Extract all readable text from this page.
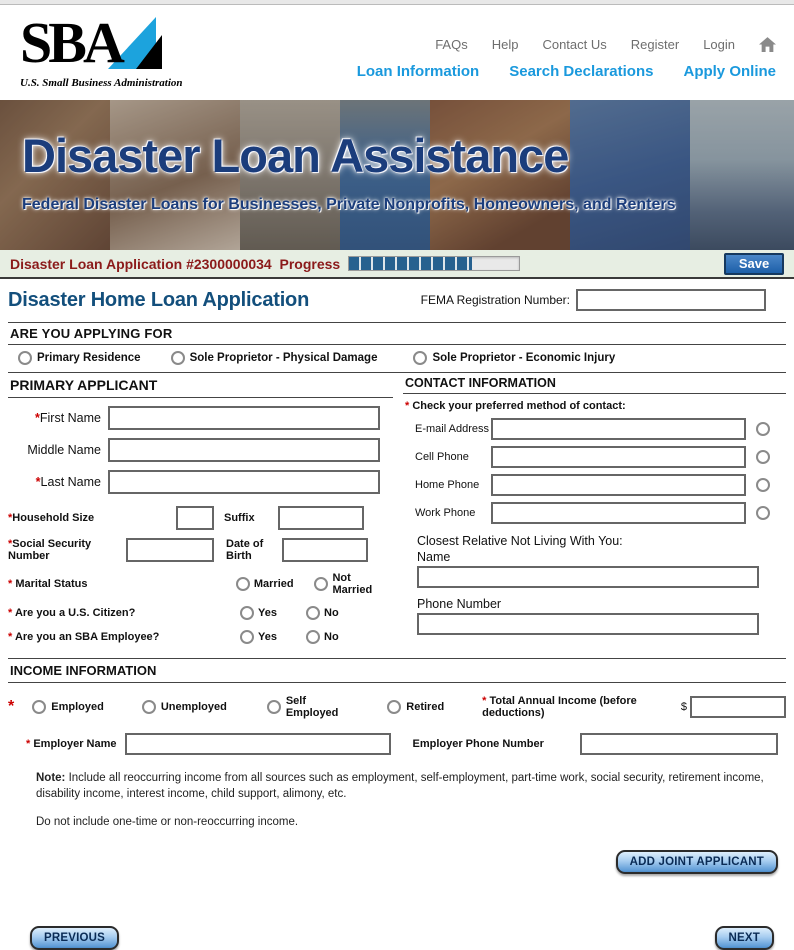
SBA
U.S. Small Business Administration
FAQs Help Contact Us Register Login
Loan Information Search Declarations Apply Online
Disaster Loan Assistance
Federal Disaster Loans for Businesses, Private Nonprofits, Homeowners, and Renters
Disaster Loan Application #2300000034  Progress	Save
Disaster Home Loan Application	FEMA Registration Number:
ARE YOU APPLYING FOR
Primary Residence	Sole Proprietor - Physical Damage	Sole Proprietor - Economic Injury
PRIMARY APPLICANT
*First Name
Middle Name
*Last Name
*Household Size	Suffix
*Social Security Number
Date of Birth
* Marital Status	Married	Not Married
* Are you a U.S. Citizen?	Yes	No
* Are you an SBA Employee?	Yes	No
CONTACT INFORMATION
* Check your preferred method of contact:
E-mail Address
Cell Phone
Home Phone
Work Phone
Closest Relative Not Living With You:
Name
Phone Number
INCOME INFORMATION
*	Employed	Unemployed	Self Employed	Retired	* Total Annual Income (before deductions)	$
* Employer Name	Employer Phone Number

Note: Include all reoccurring income from all sources such as employment, self-employment, part-time work, social security, retirement income, disability income, interest income, child support, alimony, etc.

Do not include one-time or non-reoccurring income.

ADD JOINT APPLICANT
PREVIOUS	NEXT
